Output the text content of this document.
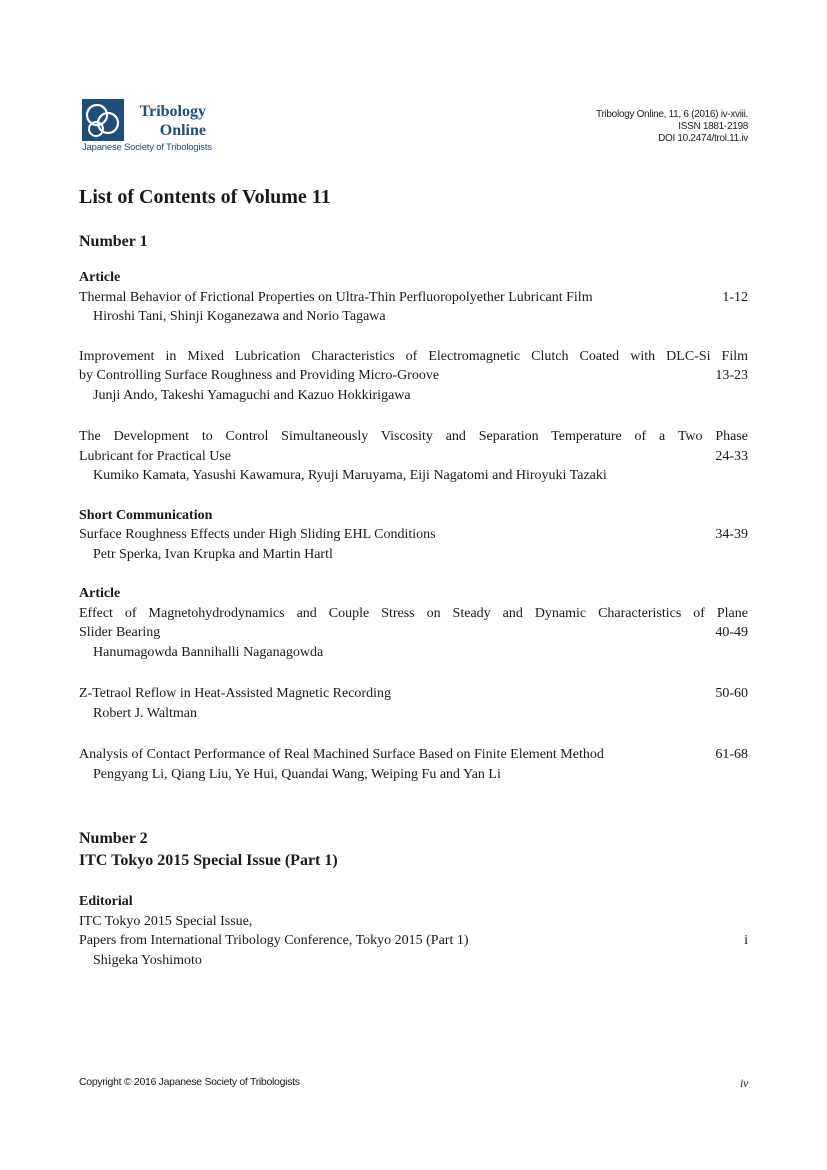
Tribology
Online
Japanese Society of Tribologists
Tribology Online, 11, 6 (2016) iv-xviii.
ISSN 1881-2198
DOI 10.2474/trol.11.iv
List of Contents of Volume 11
Number 1
Article
Thermal Behavior of Frictional Properties on Ultra-Thin Perfluoropolyether Lubricant Film	1-12
Hiroshi Tani, Shinji Koganezawa and Norio Tagawa
Improvement in Mixed Lubrication Characteristics of Electromagnetic Clutch Coated with DLC-Si Film
by Controlling Surface Roughness and Providing Micro-Groove	13-23
Junji Ando, Takeshi Yamaguchi and Kazuo Hokkirigawa
The Development to Control Simultaneously Viscosity and Separation Temperature of a Two Phase
Lubricant for Practical Use	24-33
Kumiko Kamata, Yasushi Kawamura, Ryuji Maruyama, Eiji Nagatomi and Hiroyuki Tazaki
Short Communication
Surface Roughness Effects under High Sliding EHL Conditions	34-39
Petr Sperka, Ivan Krupka and Martin Hartl
Article
Effect of Magnetohydrodynamics and Couple Stress on Steady and Dynamic Characteristics of Plane
Slider Bearing	40-49
Hanumagowda Bannihalli Naganagowda
Z-Tetraol Reflow in Heat-Assisted Magnetic Recording	50-60
Robert J. Waltman
Analysis of Contact Performance of Real Machined Surface Based on Finite Element Method	61-68
Pengyang Li, Qiang Liu, Ye Hui, Quandai Wang, Weiping Fu and Yan Li
Number 2
ITC Tokyo 2015 Special Issue (Part 1)
Editorial
ITC Tokyo 2015 Special Issue,
Papers from International Tribology Conference, Tokyo 2015 (Part 1)	i
Shigeka Yoshimoto
Copyright © 2016 Japanese Society of Tribologists	iv
